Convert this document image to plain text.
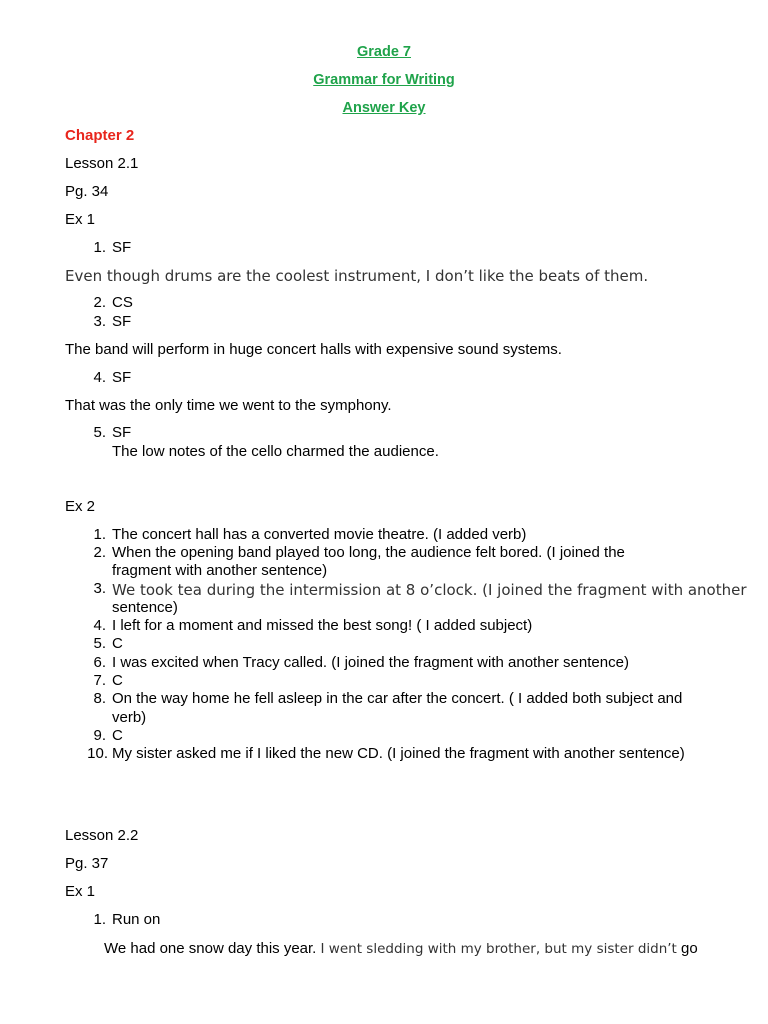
Grade 7
Grammar for Writing
Answer Key
Chapter 2
Lesson 2.1
Pg. 34
Ex 1
1. SF
Even though drums are the coolest instrument, I don’t like the beats of them.
2. CS
3. SF
The band will perform in huge concert halls with expensive sound systems.
4. SF
That was the only time we went to the symphony.
5. SF
The low notes of the cello charmed the audience.
Ex 2
1. The concert hall has a converted movie theatre. (I added verb)
2. When the opening band played too long, the audience felt bored. (I joined the
fragment with another sentence)
3. We took tea during the intermission at 8 o’clock. (I joined the fragment with another
sentence)
4. I left for a moment and missed the best song! ( I added subject)
5. C
6. I was excited when Tracy called. (I joined the fragment with another sentence)
7. C
8. On the way home he fell asleep in the car after the concert. ( I added both subject and
verb)
9. C
10. My sister asked me if I liked the new CD. (I joined the fragment with another sentence)
Lesson 2.2
Pg. 37
Ex 1
1. Run on
We had one snow day this year. I went sledding with my brother, but my sister didn’t go
